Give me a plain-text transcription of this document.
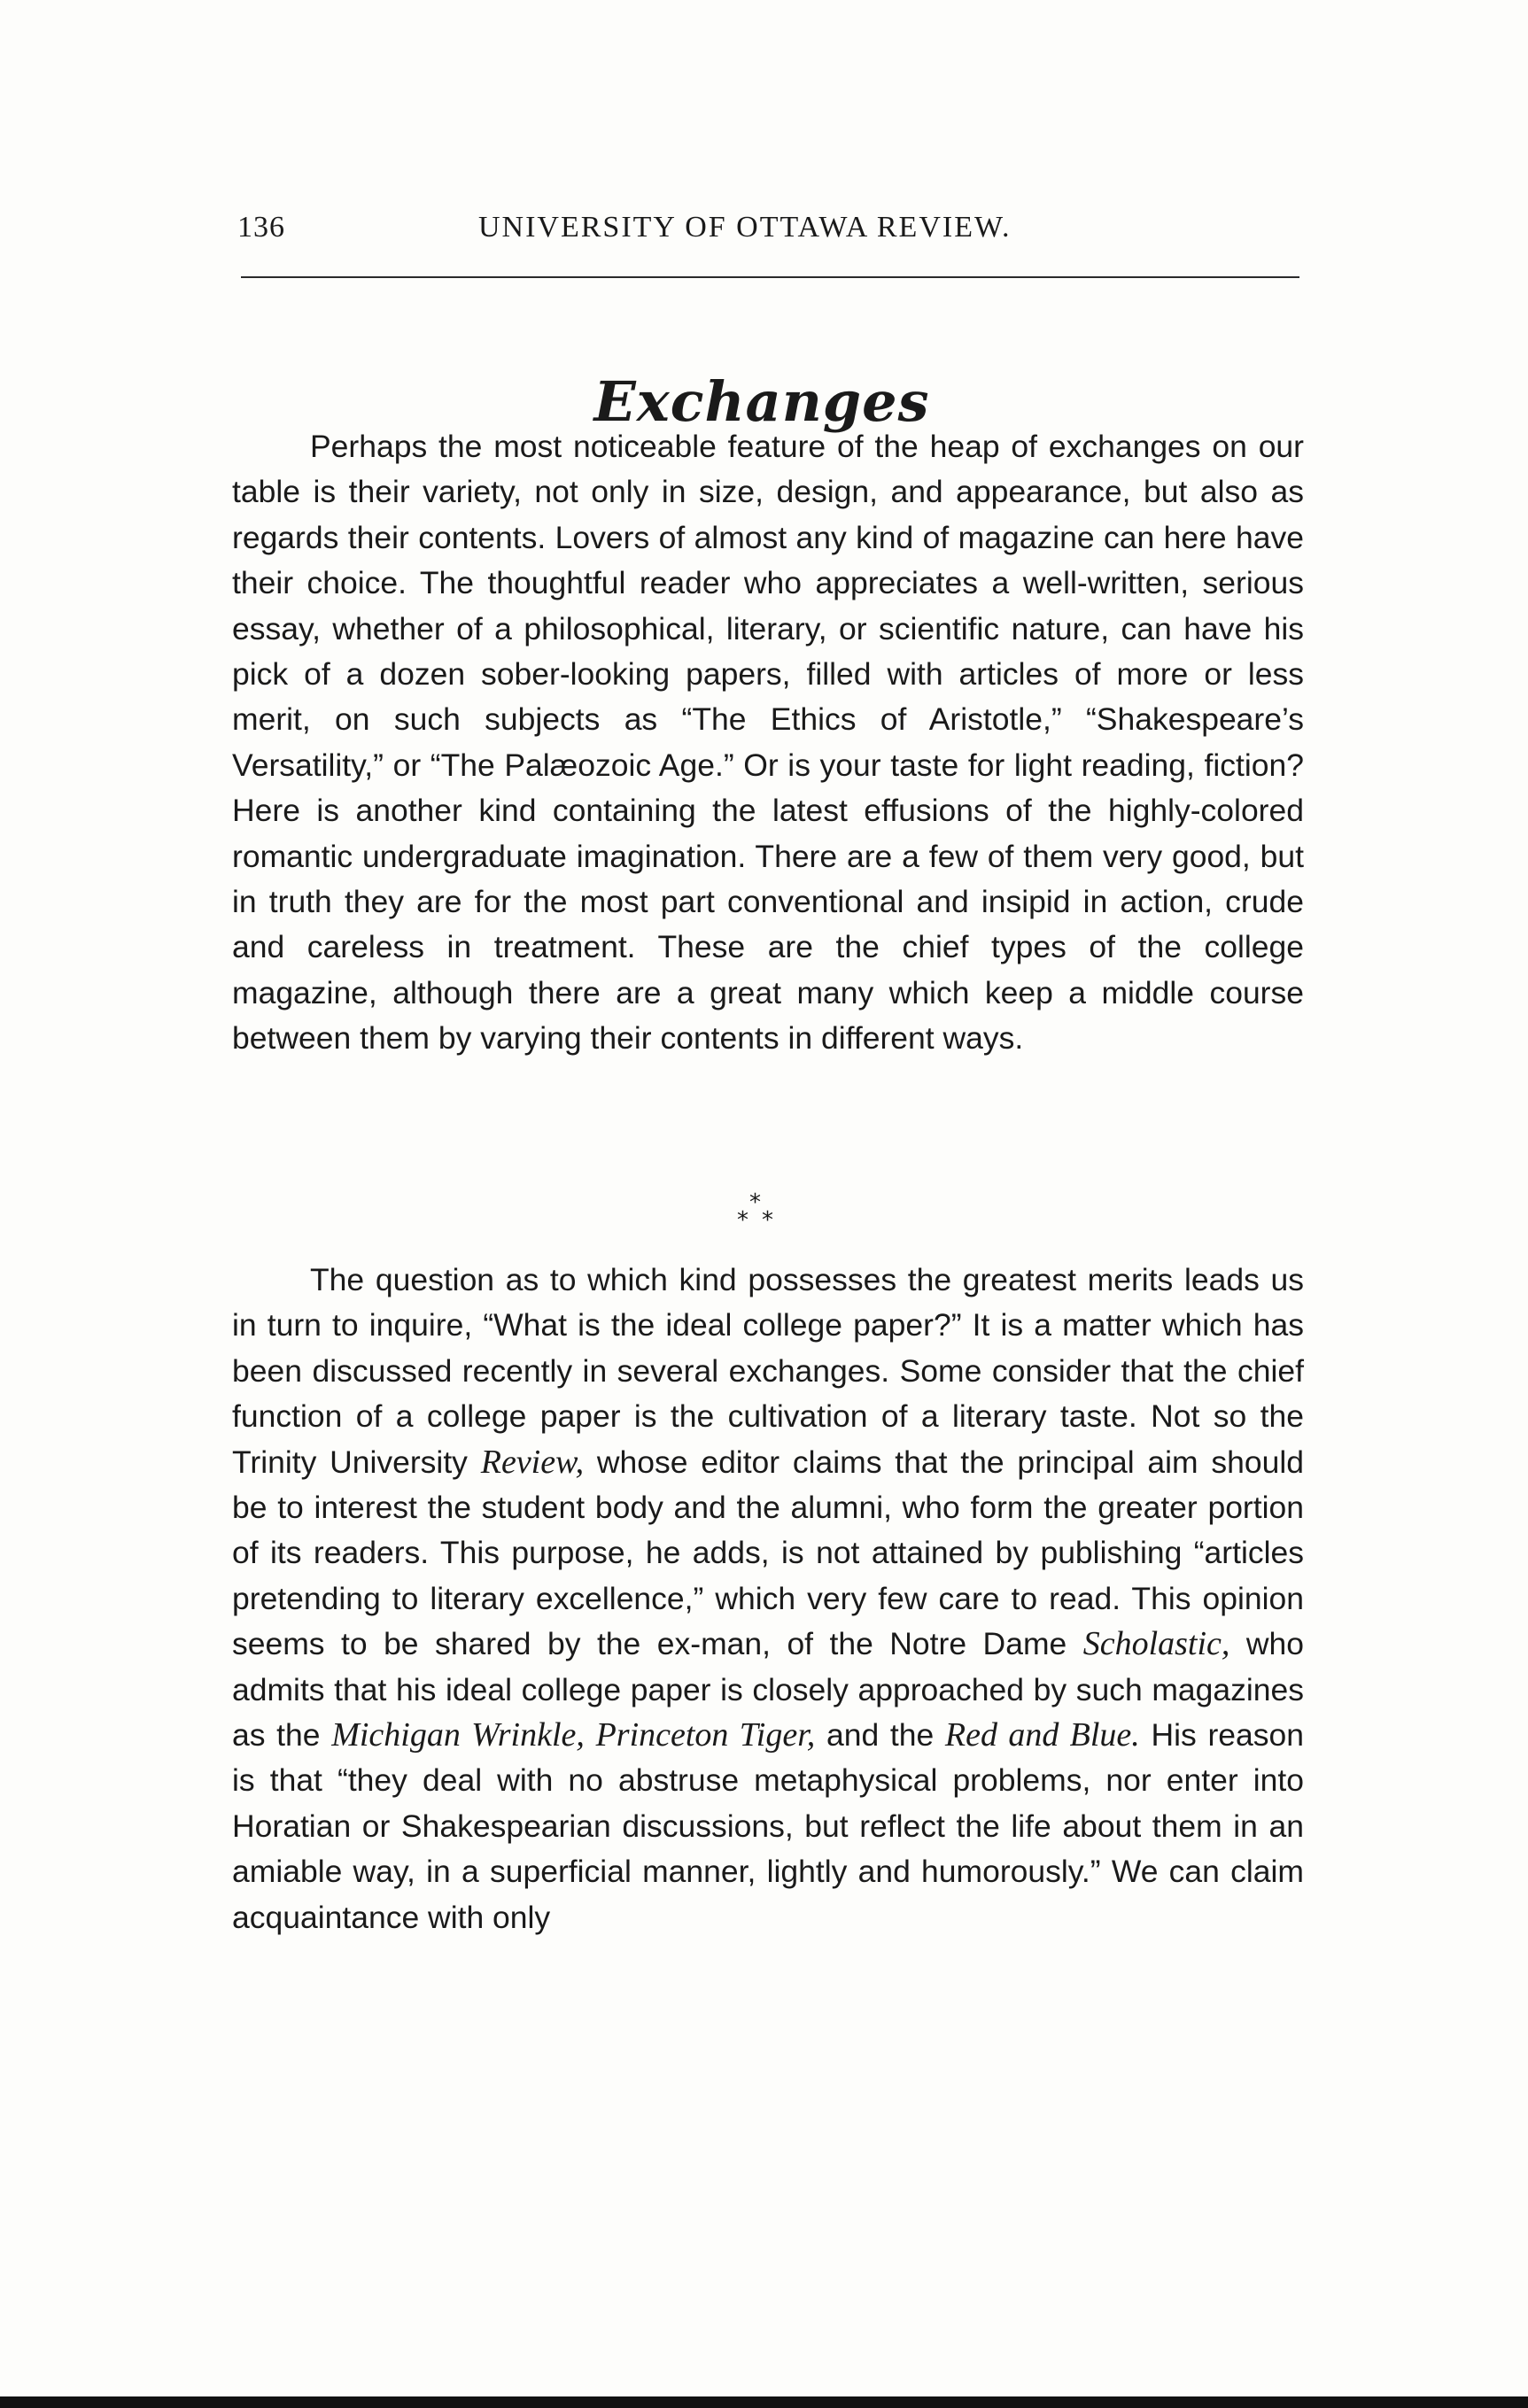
136	UNIVERSITY OF OTTAWA REVIEW.
Exchanges

Perhaps the most noticeable feature of the heap of exchanges on our table is their variety, not only in size, design, and appearance, but also as regards their contents. Lovers of almost any kind of magazine can here have their choice. The thoughtful reader who appreciates a well-written, serious essay, whether of a philosophical, literary, or scientific nature, can have his pick of a dozen sober-looking papers, filled with articles of more or less merit, on such subjects as “The Ethics of Aristotle,” “Shakespeare’s Versatility,” or “The Palæozoic Age.” Or is your taste for light reading, fiction? Here is another kind containing the latest effusions of the highly-colored romantic undergraduate imagination. There are a few of them very good, but in truth they are for the most part conventional and insipid in action, crude and careless in treatment. These are the chief types of the college magazine, although there are a great many which keep a middle course between them by varying their contents in different ways.

*
* *

The question as to which kind possesses the greatest merits leads us in turn to inquire, “What is the ideal college paper?” It is a matter which has been discussed recently in several exchanges. Some consider that the chief function of a college paper is the cultivation of a literary taste. Not so the Trinity University Review, whose editor claims that the principal aim should be to interest the student body and the alumni, who form the greater portion of its readers. This purpose, he adds, is not attained by publishing “articles pretending to literary excellence,” which very few care to read. This opinion seems to be shared by the ex-man, of the Notre Dame Scholastic, who admits that his ideal college paper is closely approached by such magazines as the Michigan Wrinkle, Princeton Tiger, and the Red and Blue. His reason is that “they deal with no abstruse metaphysical problems, nor enter into Horatian or Shakespearian discussions, but reflect the life about them in an amiable way, in a superficial manner, lightly and humorously.” We can claim acquaintance with only
